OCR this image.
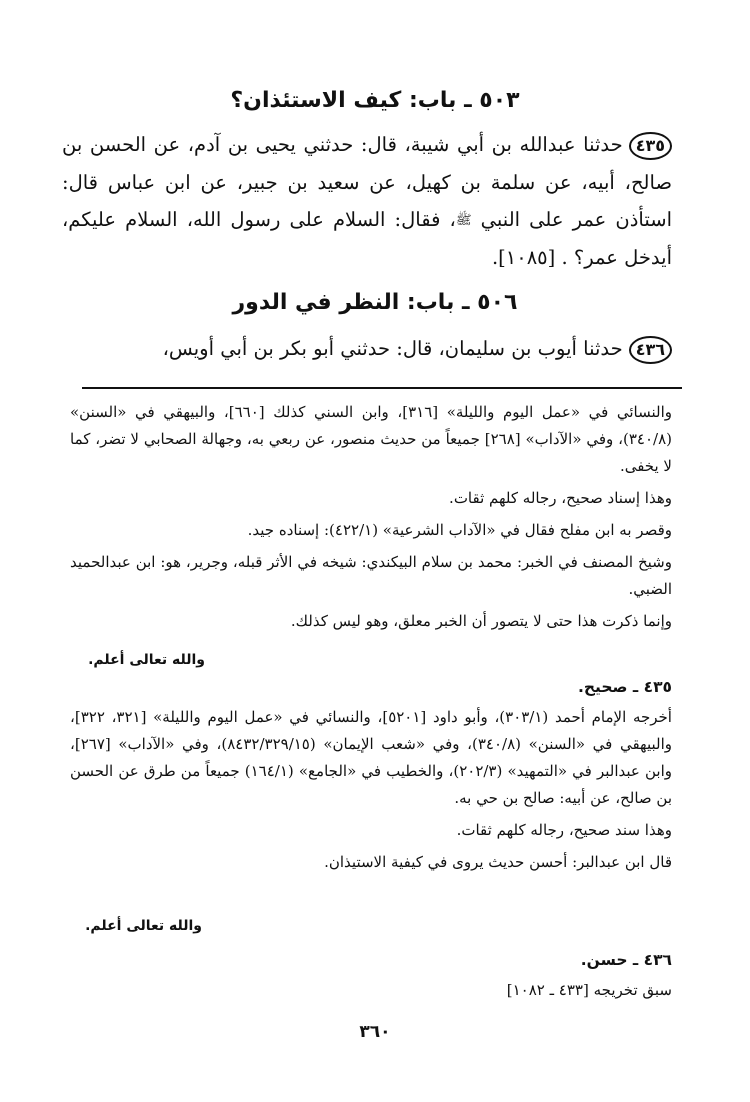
٥٠٣ ـ باب: كيف الاستئذان؟
٤٣٥حدثنا عبدالله بن أبي شيبة، قال: حدثني يحيى بن آدم، عن الحسن بن صالح، أبيه، عن سلمة بن كهيل، عن سعيد بن جبير، عن ابن عباس قال: استأذن عمر على النبي ﷺ، فقال: السلام على رسول الله، السلام عليكم، أيدخل عمر؟ . [١٠٨٥].
٥٠٦ ـ باب: النظر في الدور
٤٣٦حدثنا أيوب بن سليمان، قال: حدثني أبو بكر بن أبي أويس،

والنسائي في «عمل اليوم والليلة» [٣١٦]، وابن السني كذلك [٦٦٠]، والبيهقي في «السنن» (٣٤٠/٨)، وفي «الآداب» [٢٦٨] جميعاً من حديث منصور، عن ربعي به، وجهالة الصحابي لا تضر، كما لا يخفى.

وهذا إسناد صحيح، رجاله كلهم ثقات.

وقصر به ابن مفلح فقال في «الآداب الشرعية» (٤٢٢/١): إسناده جيد.

وشيخ المصنف في الخبر: محمد بن سلام البيكندي: شيخه في الأثر قبله، وجرير، هو: ابن عبدالحميد الضبي.

وإنما ذكرت هذا حتى لا يتصور أن الخبر معلق، وهو ليس كذلك.

والله تعالى أعلم.
٤٣٥ ـ صحيح.

أخرجه الإمام أحمد (٣٠٣/١)، وأبو داود [٥٢٠١]، والنسائي في «عمل اليوم والليلة» [٣٢١، ٣٢٢]، والبيهقي في «السنن» (٣٤٠/٨)، وفي «شعب الإيمان» (٨٤٣٢/٣٢٩/١٥)، وفي «الآداب» [٢٦٧]، وابن عبدالبر في «التمهيد» (٢٠٢/٣)، والخطيب في «الجامع» (١٦٤/١) جميعاً من طرق عن الحسن بن صالح، عن أبيه: صالح بن حي به.

وهذا سند صحيح، رجاله كلهم ثقات.

قال ابن عبدالبر: أحسن حديث يروى في كيفية الاستيذان.

والله تعالى أعلم.
٤٣٦ ـ حسن.

سبق تخريجه [٤٣٣ ـ ١٠٨٢]

٣٦٠
